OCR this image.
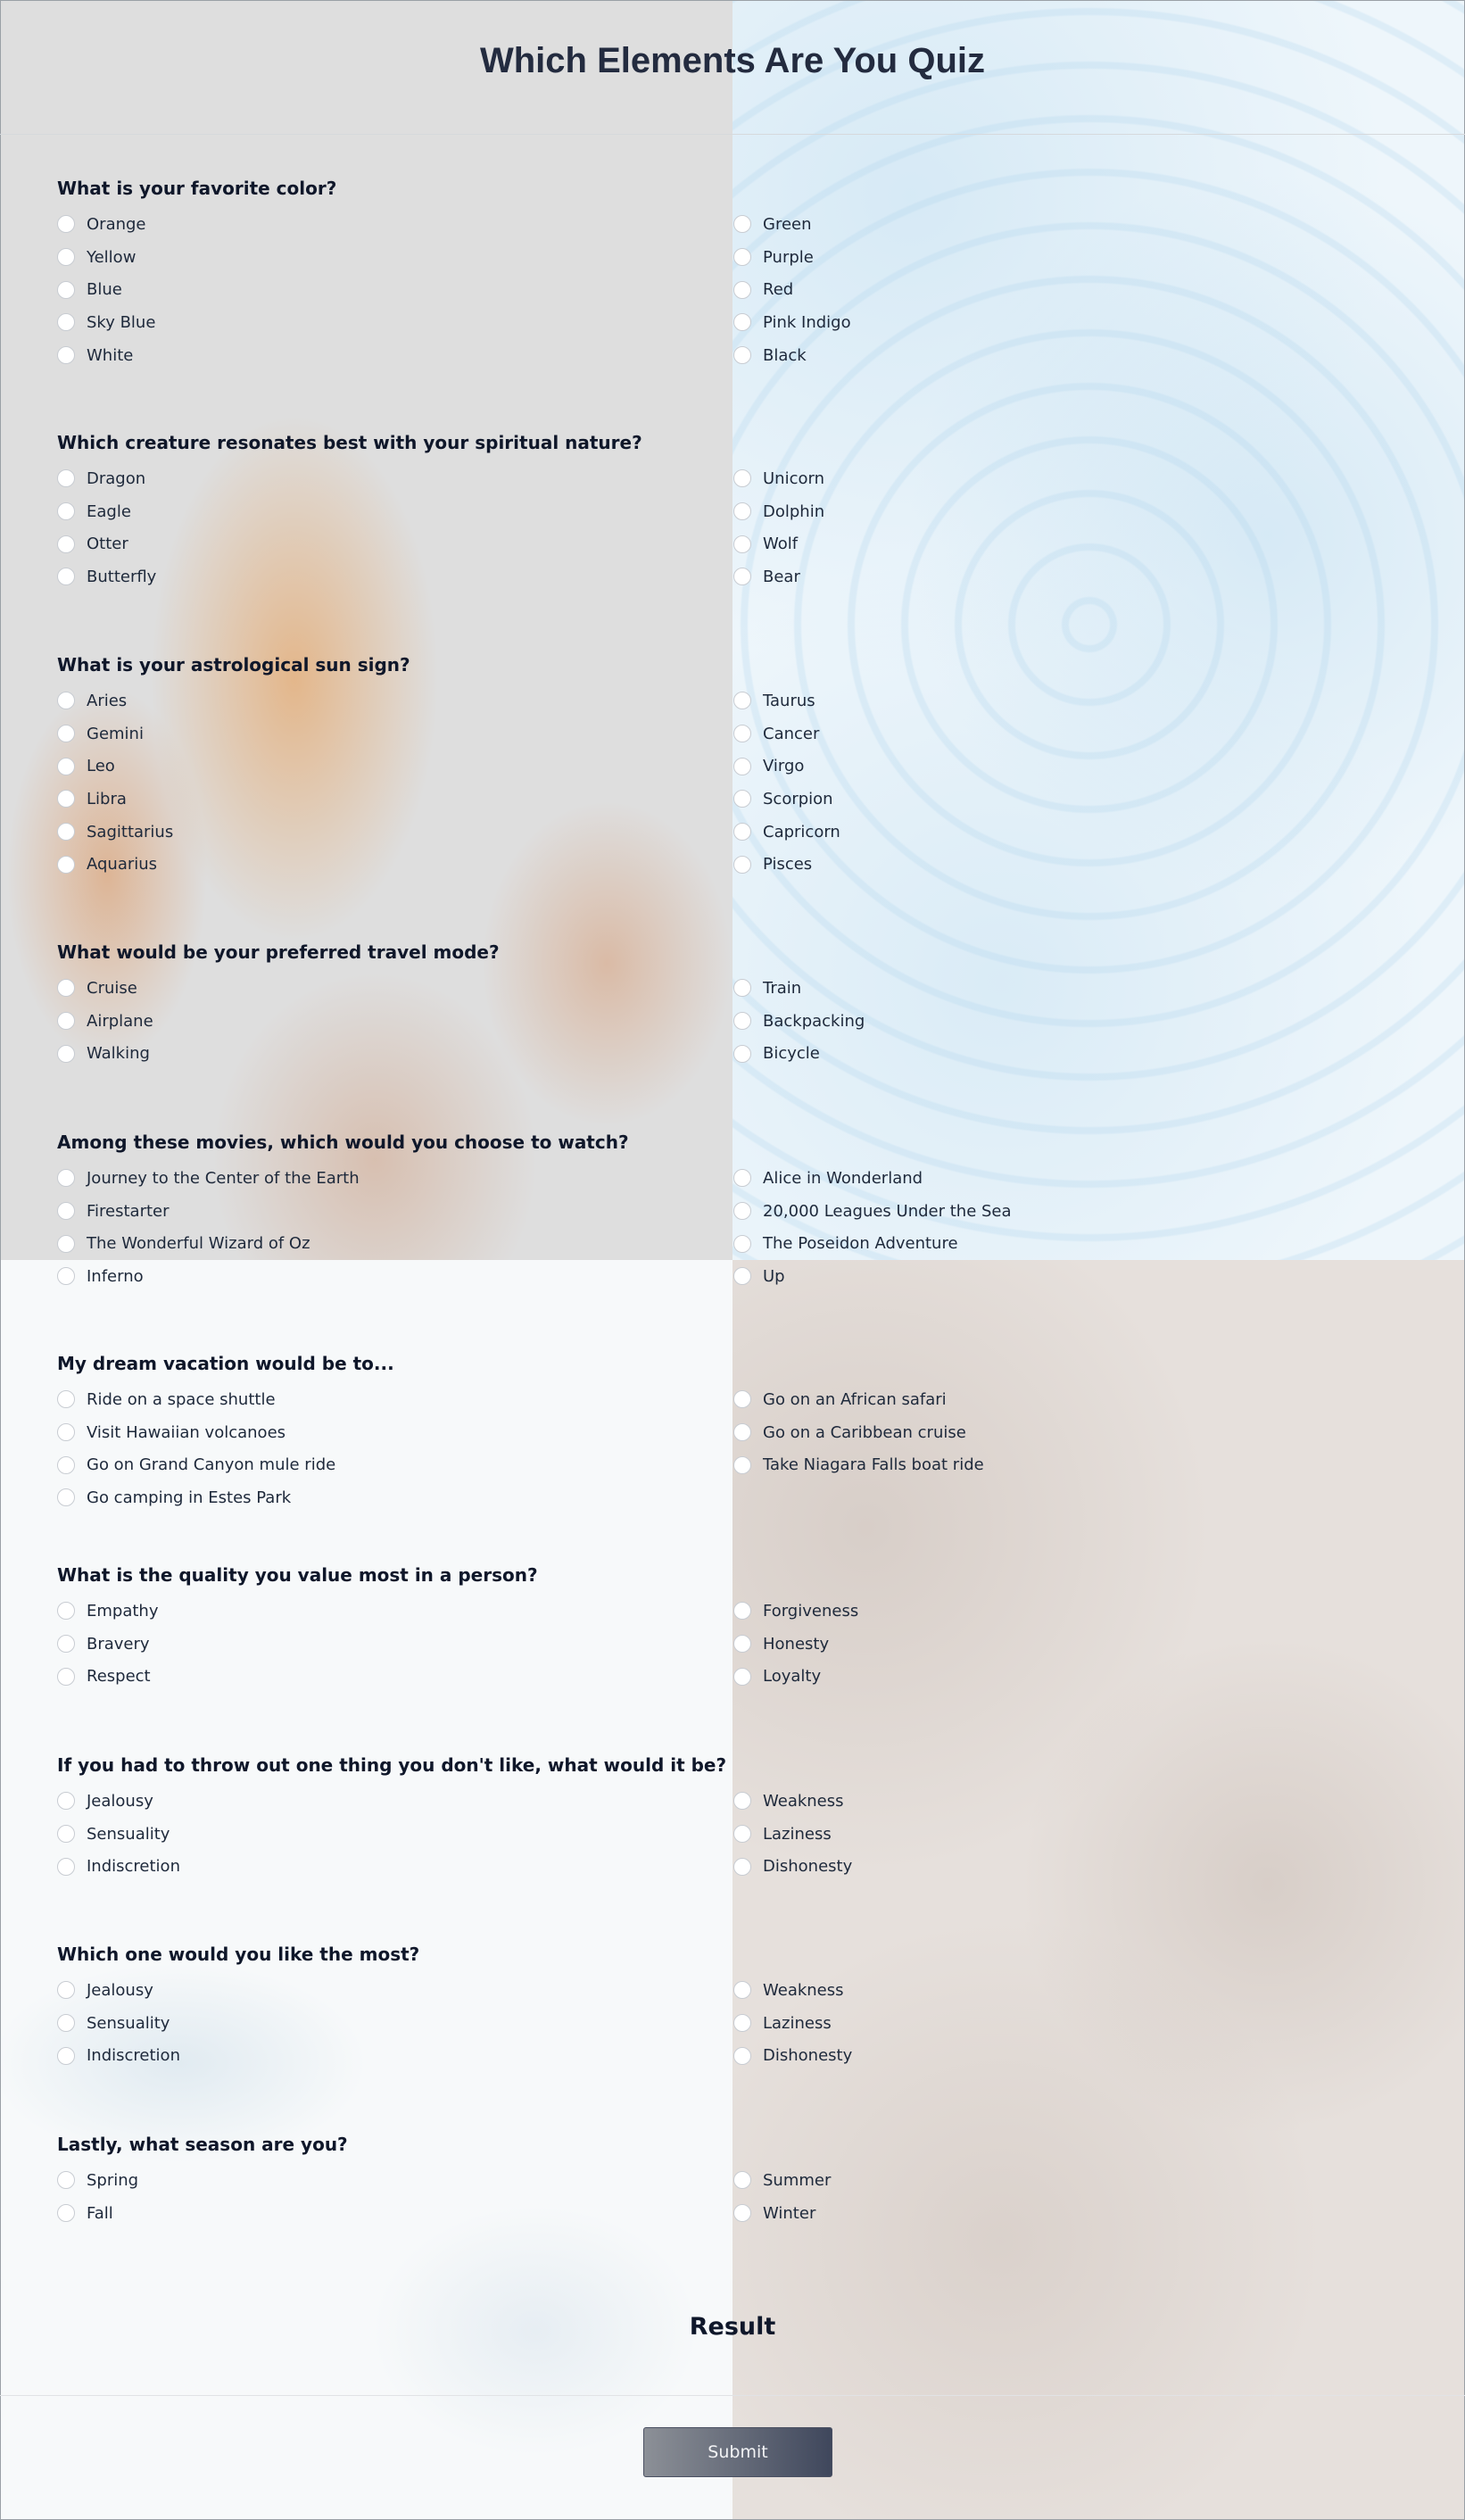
Which Elements Are You Quiz

What is your favorite color?

Orange
Yellow
Blue
Sky Blue
White
Green
Purple
Red
Pink Indigo
Black

Which creature resonates best with your spiritual nature?

Dragon
Eagle
Otter
Butterfly
Unicorn
Dolphin
Wolf
Bear

What is your astrological sun sign?

Aries
Gemini
Leo
Libra
Sagittarius
Aquarius
Taurus
Cancer
Virgo
Scorpion
Capricorn
Pisces

What would be your preferred travel mode?

Cruise
Airplane
Walking
Train
Backpacking
Bicycle

Among these movies, which would you choose to watch?

Journey to the Center of the Earth
Firestarter
The Wonderful Wizard of Oz
Inferno
Alice in Wonderland
20,000 Leagues Under the Sea
The Poseidon Adventure
Up

My dream vacation would be to...

Ride on a space shuttle
Visit Hawaiian volcanoes
Go on Grand Canyon mule ride
Go camping in Estes Park
Go on an African safari
Go on a Caribbean cruise
Take Niagara Falls boat ride

What is the quality you value most in a person?

Empathy
Bravery
Respect
Forgiveness
Honesty
Loyalty

If you had to throw out one thing you don't like, what would it be?

Jealousy
Sensuality
Indiscretion
Weakness
Laziness
Dishonesty

Which one would you like the most?

Jealousy
Sensuality
Indiscretion
Weakness
Laziness
Dishonesty

Lastly, what season are you?

Spring
Fall
Summer
Winter
Result
Submit
